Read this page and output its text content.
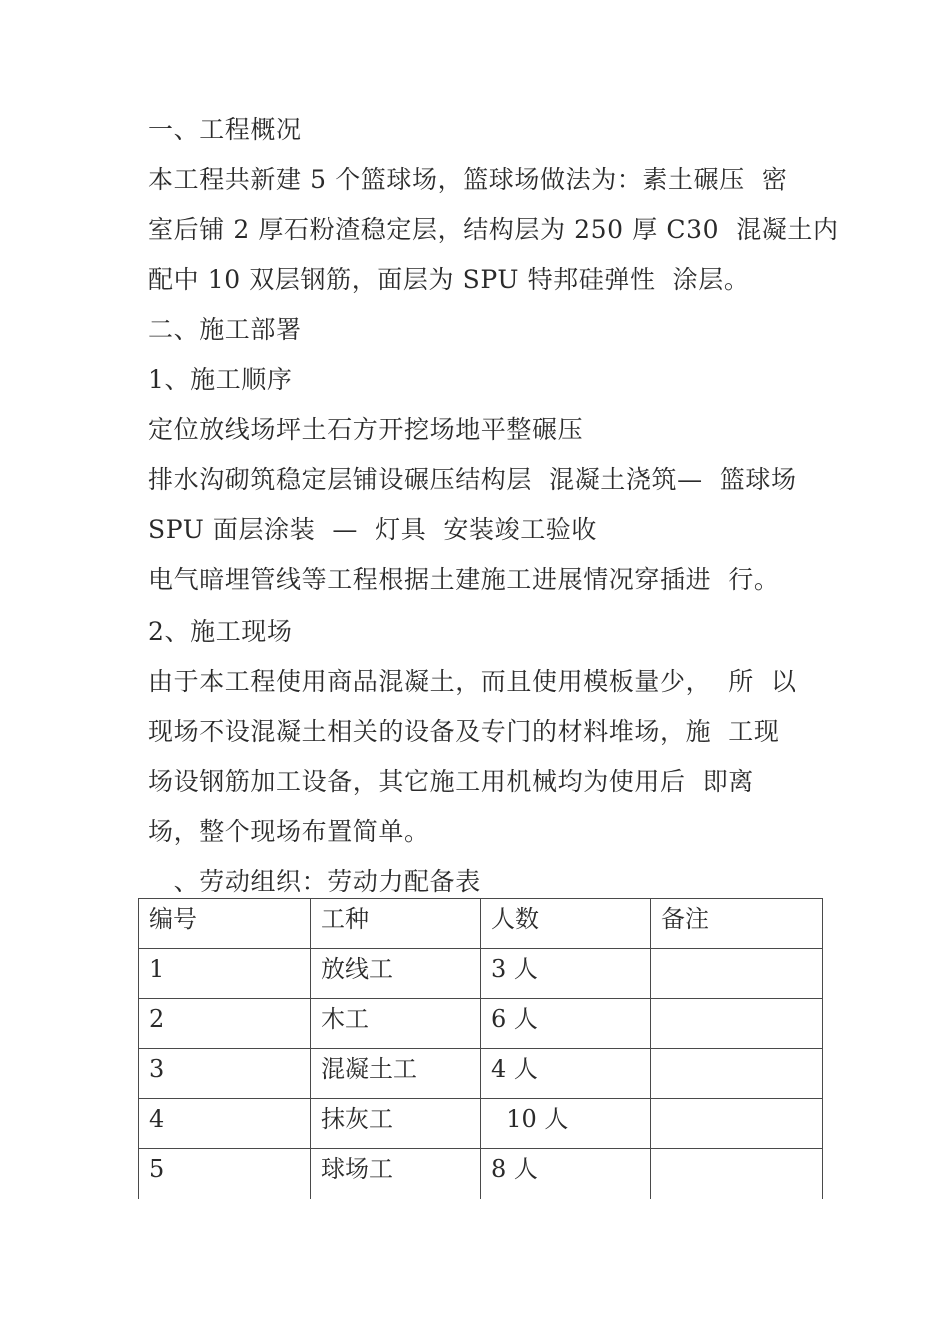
一、工程概况
本工程共新建 5 个篮球场，篮球场做法为：素土碾压  密
室后铺 2 厚石粉渣稳定层，结构层为 250 厚 C30  混凝土内
配中 10 双层钢筋，面层为 SPU 特邦硅弹性  涂层。
二、施工部署
1、施工顺序
定位放线场坪土石方开挖场地平整碾压
排水沟砌筑稳定层铺设碾压结构层  混凝土浇筑—  篮球场
SPU 面层涂装  —  灯具  安装竣工验收
电气暗埋管线等工程根据土建施工进展情况穿插进  行。
2、施工现场
由于本工程使用商品混凝土，而且使用模板量少，  所  以
现场不设混凝土相关的设备及专门的材料堆场，施  工现
场设钢筋加工设备，其它施工用机械均为使用后  即离
场，整个现场布置简单。
、劳动组织：劳动力配备表
编号	工种	人数	备注
1	放线工	3 人	
2	木工	6 人	
3	混凝土工	4 人	
4	抹灰工	10 人	
5	球场工	8 人	
